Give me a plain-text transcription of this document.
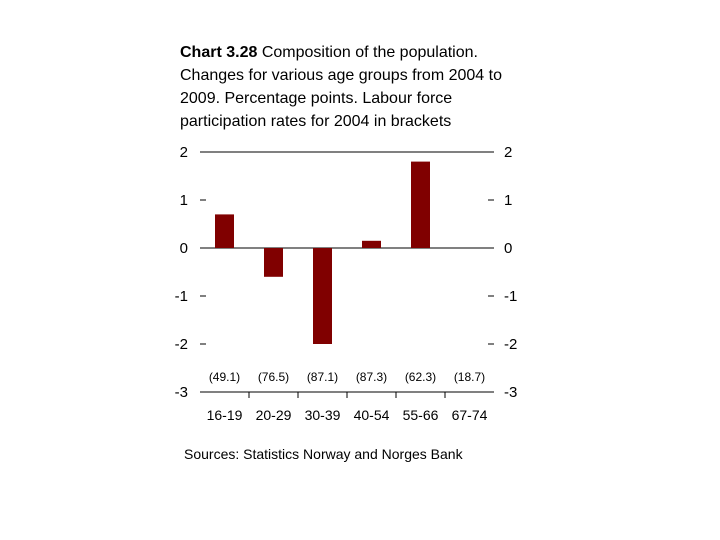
Chart 3.28 Composition of the population. Changes for various age groups from 2004 to 2009. Percentage points. Labour force participation rates for 2004 in brackets
2	2
1	1
0	0
-1	-1
-2	-2
-3	-3
(49.1) (76.5) (87.1) (87.3) (62.3) (18.7)
16-19 20-29 30-39 40-54 55-66 67-74
Sources: Statistics Norway and Norges Bank
